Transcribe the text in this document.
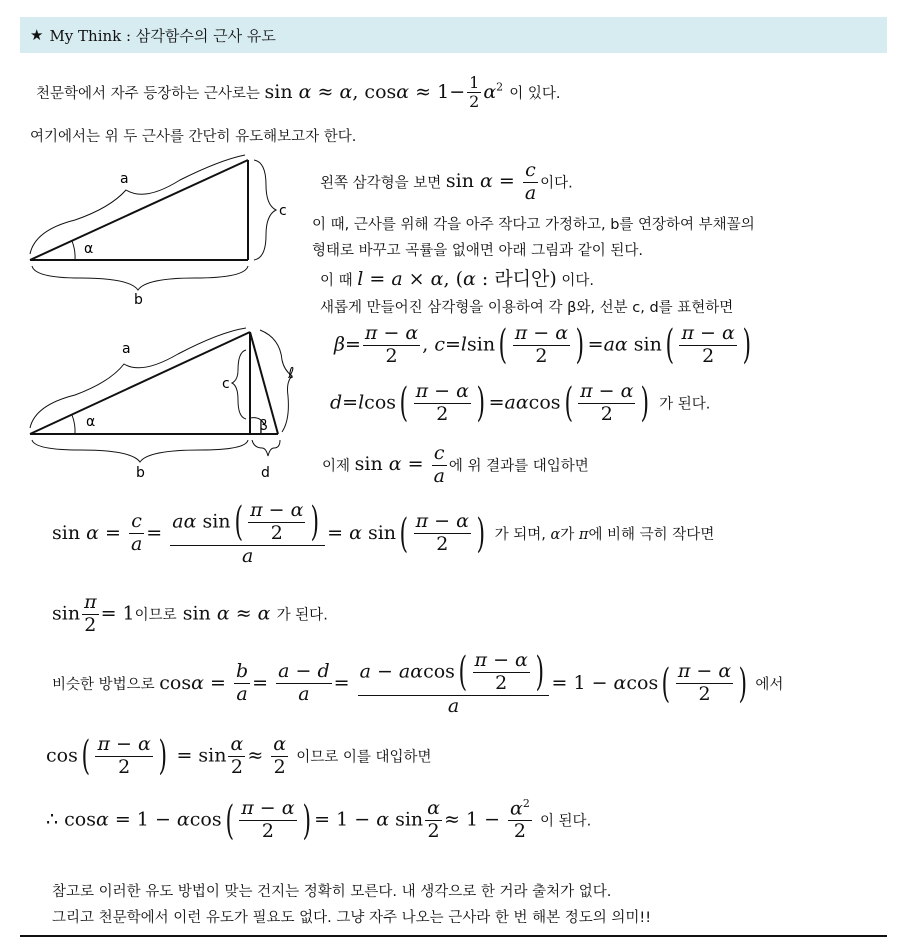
★ My Think : 삼각함수의 근사 유도
천문학에서 자주 등장하는 근사로는 sin α ≈ α, $\cos\alpha \approx 1- \frac{1}{2} \alpha^2$ 이 있다.
여기에서는 위 두 근사를 간단히 유도해보고자 한다.
a
b
c
α
a
b
c
d
ℓ
α	β
왼쪽 삼각형을 보면 $\sin \alpha = \frac{c}{a}$ 이다.
이 때, 근사를 위해 각을 아주 작다고 가정하고, b를 연장하여 부채꼴의
형태로 바꾸고 곡률을 없애면 아래 그림과 같이 된다.
이 때 l = a × α, (α : 라디안) 이다.
새롭게 만들어진 삼각형을 이용하여 각 β와, 선분 c, d를 표현하면
$\beta= \frac{\pi - \alpha}{2}$ , $c=lsin( \frac{\pi - \alpha}{2}$ ) =aα $\sin( \frac{\pi - \alpha}{2}$ )
$d=lcos( \frac{\pi - \alpha}{2}$ ) $=a\alpha\cos( \frac{\pi - \alpha}{2}$ ) 가 된다.
이제 $\sin \alpha = \frac{c}{a}$ 에 위 결과를 대입하면
$\sin \alpha = \frac{c}{a} = \frac{a\alpha \sin( \frac{\pi - \alpha}{2} )}{a} = \alpha$ $\sin( \frac{\pi - \alpha}{2}$ ) 가 되며, α가 π에 비해 극히 작다면
$\sin \frac{\pi}{2} = 1$이므로 sin α ≈ α 가 된다.
비슷한 방법으로 $\cos\alpha = \frac{b}{a} = \frac{a - d}{a} = \frac{a - a\alpha\cos( \frac{\pi - \alpha}{2} )}{a} = 1 - \alpha\cos( \frac{\pi - \alpha}{2}$ ) 에서
$\cos( \frac{\pi - \alpha}{2}$ ) = $\sin \frac{\alpha}{2} \approx \frac{\alpha}{2}$ 이므로 이를 대입하면
∴ $\cos\alpha = 1 - \alpha\cos( \frac{\pi - \alpha}{2}$ ) = 1 − α $\sin \frac{\alpha}{2} \approx 1 - \frac{\alpha^2}{2}$ 이 된다.
참고로 이러한 유도 방법이 맞는 건지는 정확히 모른다. 내 생각으로 한 거라 출처가 없다.
그리고 천문학에서 이런 유도가 필요도 없다. 그냥 자주 나오는 근사라 한 번 해본 정도의 의미!!
